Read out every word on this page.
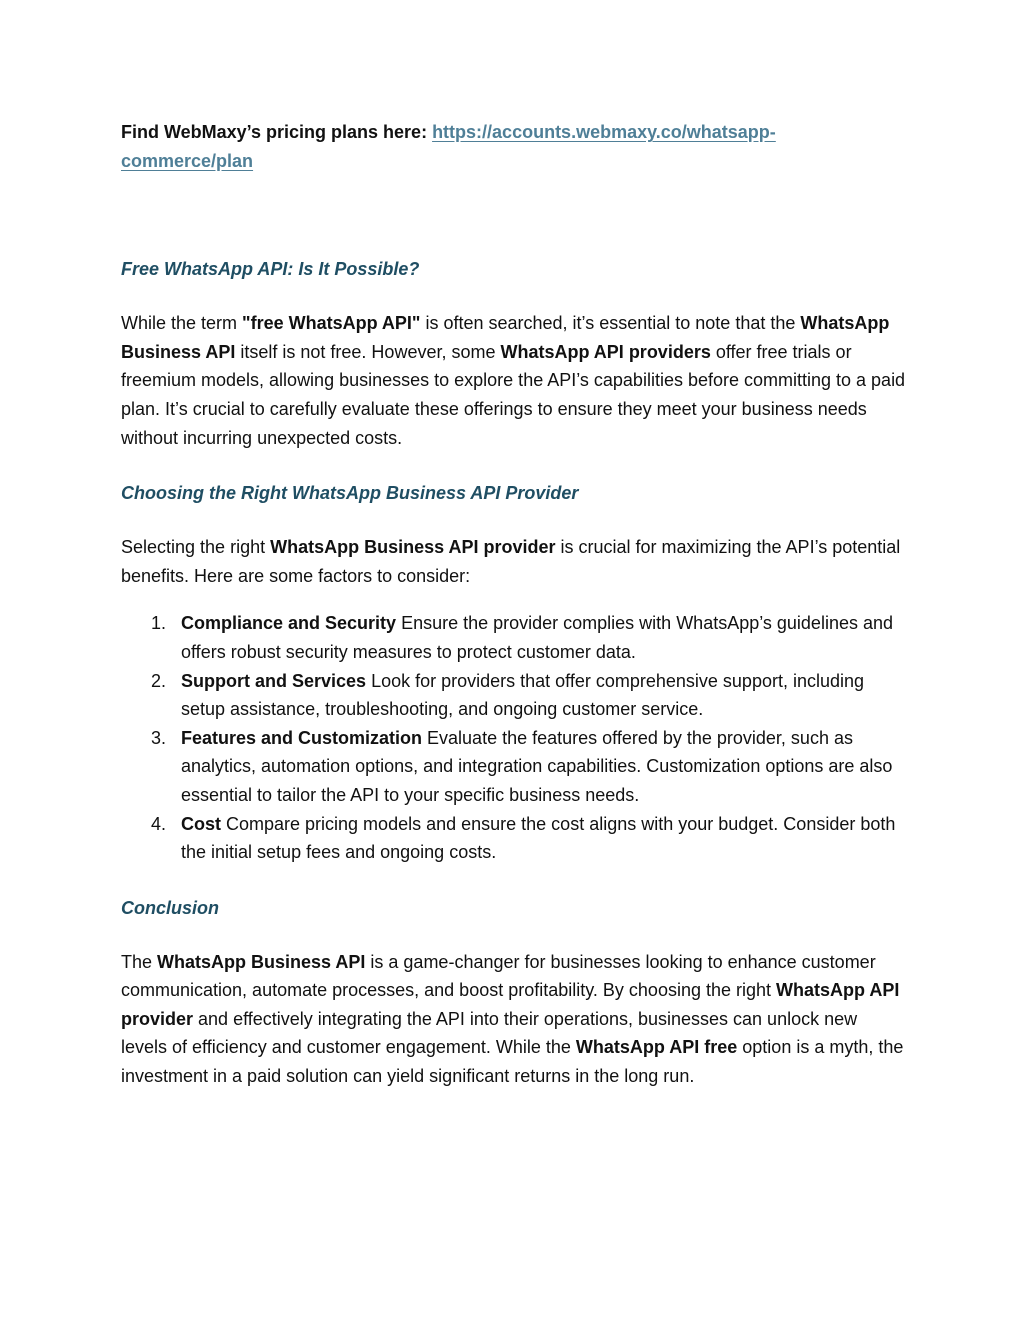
Find WebMaxy’s pricing plans here: https://accounts.webmaxy.co/whatsapp-
commerce/plan

Free WhatsApp API: Is It Possible?

While the term "free WhatsApp API" is often searched, it’s essential to note that the WhatsApp Business API itself is not free. However, some WhatsApp API providers offer free trials or freemium models, allowing businesses to explore the API’s capabilities before committing to a paid plan. It’s crucial to carefully evaluate these offerings to ensure they meet your business needs without incurring unexpected costs.

Choosing the Right WhatsApp Business API Provider

Selecting the right WhatsApp Business API provider is crucial for maximizing the API’s potential benefits. Here are some factors to consider:

1. Compliance and Security Ensure the provider complies with WhatsApp’s guidelines and offers robust security measures to protect customer data.
2. Support and Services Look for providers that offer comprehensive support, including setup assistance, troubleshooting, and ongoing customer service.
3. Features and Customization Evaluate the features offered by the provider, such as analytics, automation options, and integration capabilities. Customization options are also essential to tailor the API to your specific business needs.
4. Cost Compare pricing models and ensure the cost aligns with your budget. Consider both the initial setup fees and ongoing costs.
Conclusion

The WhatsApp Business API is a game-changer for businesses looking to enhance customer communication, automate processes, and boost profitability. By choosing the right WhatsApp API provider and effectively integrating the API into their operations, businesses can unlock new levels of efficiency and customer engagement. While the WhatsApp API free option is a myth, the investment in a paid solution can yield significant returns in the long run.
